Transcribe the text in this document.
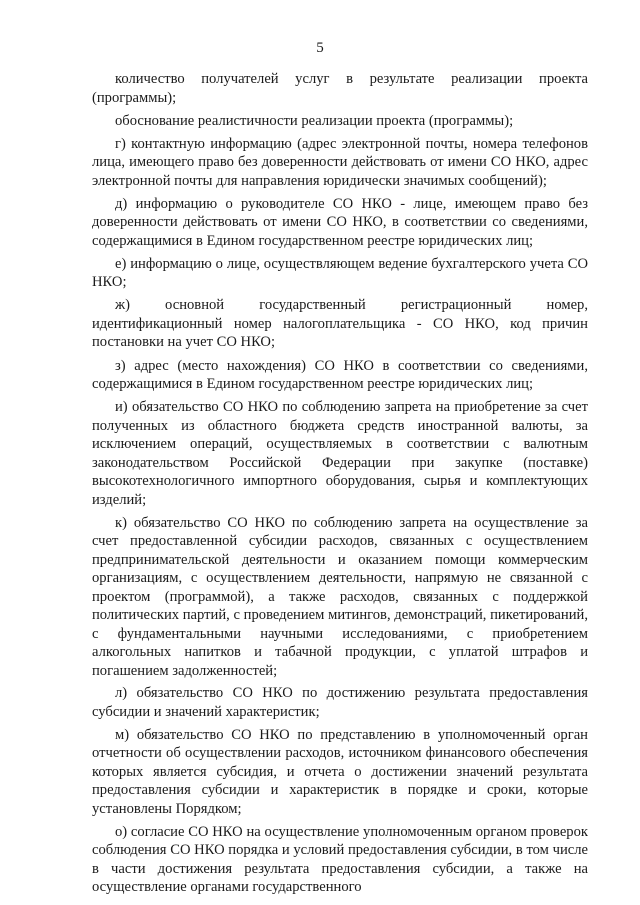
5

количество получателей услуг в результате реализации проекта (программы);

обоснование реалистичности реализации проекта (программы);

г) контактную информацию (адрес электронной почты, номера телефонов лица, имеющего право без доверенности действовать от имени СО НКО, адрес электронной почты для направления юридически значимых сообщений);

д) информацию о руководителе СО НКО - лице, имеющем право без доверенности действовать от имени СО НКО, в соответствии со сведениями, содержащимися в Едином государственном реестре юридических лиц;

е) информацию о лице, осуществляющем ведение бухгалтерского учета СО НКО;

ж) основной государственный регистрационный номер, идентификационный номер налогоплательщика - СО НКО, код причин постановки на учет СО НКО;

з) адрес (место нахождения) СО НКО в соответствии со сведениями, содержащимися в Едином государственном реестре юридических лиц;

и) обязательство СО НКО по соблюдению запрета на приобретение за счет полученных из областного бюджета средств иностранной валюты, за исключением операций, осуществляемых в соответствии с валютным законодательством Российской Федерации при закупке (поставке) высокотехнологичного импортного оборудования, сырья и комплектующих изделий;

к) обязательство СО НКО по соблюдению запрета на осуществление за счет предоставленной субсидии расходов, связанных с осуществлением предпринимательской деятельности и оказанием помощи коммерческим организациям, с осуществлением деятельности, напрямую не связанной с проектом (программой), а также расходов, связанных с поддержкой политических партий, с проведением митингов, демонстраций, пикетирований, с фундаментальными научными исследованиями, с приобретением алкогольных напитков и табачной продукции, с уплатой штрафов и погашением задолженностей;

л) обязательство СО НКО по достижению результата предоставления субсидии и значений характеристик;

м) обязательство СО НКО по представлению в уполномоченный орган отчетности об осуществлении расходов, источником финансового обеспечения которых является субсидия, и отчета о достижении значений результата предоставления субсидии и характеристик в порядке и сроки, которые установлены Порядком;

о) согласие СО НКО на осуществление уполномоченным органом проверок соблюдения СО НКО порядка и условий предоставления субсидии, в том числе в части достижения результата предоставления субсидии, а также на осуществление органами государственного
